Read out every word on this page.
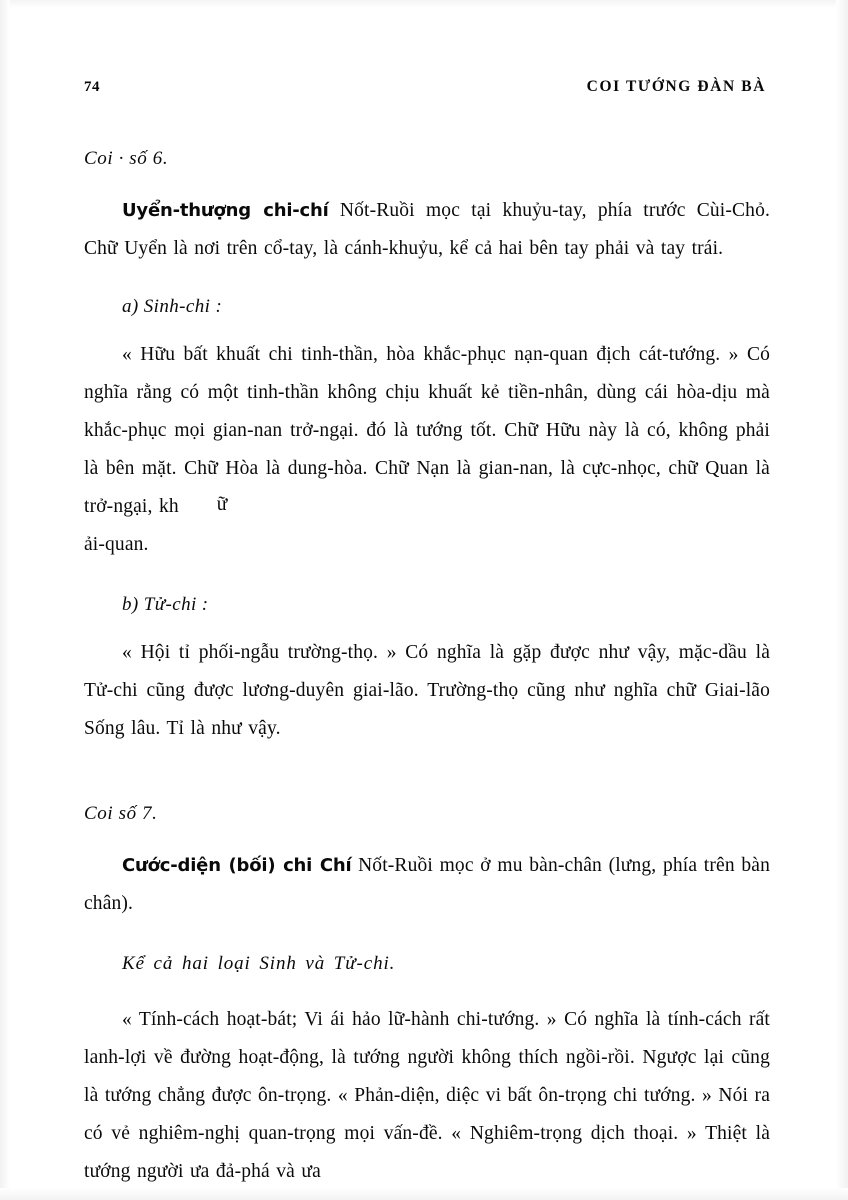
74	COI TƯỚNG ĐÀN BÀ
Coi · số 6.

Uyển-thượng chi-chí Nốt-Ruồi mọc tại khuỷu-tay, phía trước Cùi-Chỏ. Chữ Uyển là nơi trên cổ-tay, là cánh-khuỷu, kể cả hai bên tay phải và tay trái.

a) Sinh-chi :

« Hữu bất khuất chi tinh-thần, hòa khắc-phục nạn-quan địch cát-tướng. » Có nghĩa rằng có một tinh-thần không chịu khuất kẻ tiền-nhân, dùng cái hòa-dịu mà khắc-phục mọi gian-nan trở-ngại. đó là tướng tốt. Chữ Hữu này là có, không phải là bên mặt. Chữ Hòa là dung-hòa. Chữ Nạn là gian-nan, là cực-nhọc, chữ Quan là trở-ngại, kh ữ

ải-quan.

b) Tử-chi :

« Hội tỉ phối-ngẫu trường-thọ. » Có nghĩa là gặp được như vậy, mặc-dầu là Tử-chi cũng được lương-duyên giai-lão. Trường-thọ cũng như nghĩa chữ Giai-lão Sống lâu. Tỉ là như vậy.

Coi số 7.

Cước-diện (bối) chi Chí Nốt-Ruồi mọc ở mu bàn-chân (lưng, phía trên bàn chân).

Kể cả hai loại Sinh và Tử-chi.

« Tính-cách hoạt-bát; Vi ái hảo lữ-hành chi-tướng. » Có nghĩa là tính-cách rất lanh-lợi về đường hoạt-động, là tướng người không thích ngồi-rồi. Ngược lại cũng là tướng chẳng được ôn-trọng. « Phản-diện, diệc vi bất ôn-trọng chi tướng. » Nói ra có vẻ nghiêm-nghị quan-trọng mọi vấn-đề. « Nghiêm-trọng dịch thoại. » Thiệt là tướng người ưa đả-phá và ưa
